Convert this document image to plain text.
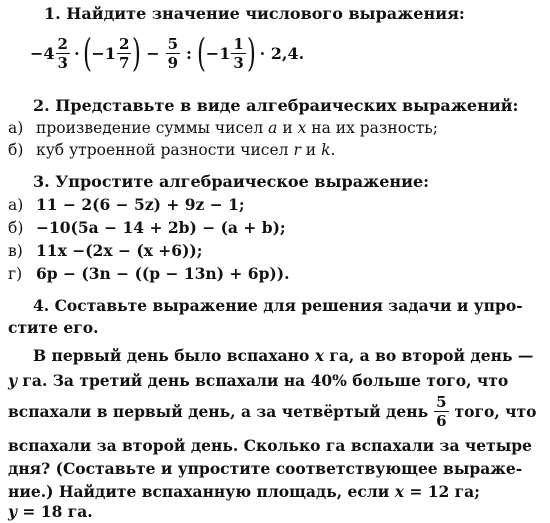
1. Найдите значение числового выражения:
$-4 \frac{2}{3}$ · ( $-1 \frac{2}{7}$ ) − $\frac{5}{9}$ : ( $-1 \frac{1}{3}$ ) · 2,4.
2. Представьте в виде алгебраических выражений:
а) произведение суммы чисел a и x на их разность;
б) куб утроенной разности чисел r и k.
3. Упростите алгебраическое выражение:
а) 11 − 2(6 − 5z) + 9z − 1;
б) −10(5a − 14 + 2b) − (a + b);
в) 11x −(2x − (x +6));
г) 6p − (3n − ((p − 13n) + 6p)).
4. Составьте выражение для решения задачи и упро-
стите его.
В первый день было вспахано x га, а во второй день —
y га. За третий день вспахали на 40% больше того, что
вспахали в первый день, а за четвёртый день $\frac{5}{6}$ того, что
вспахали за второй день. Сколько га вспахали за четыре
дня? (Составьте и упростите соответствующее выраже-
ние.) Найдите вспаханную площадь, если x = 12 га;
y = 18 га.
